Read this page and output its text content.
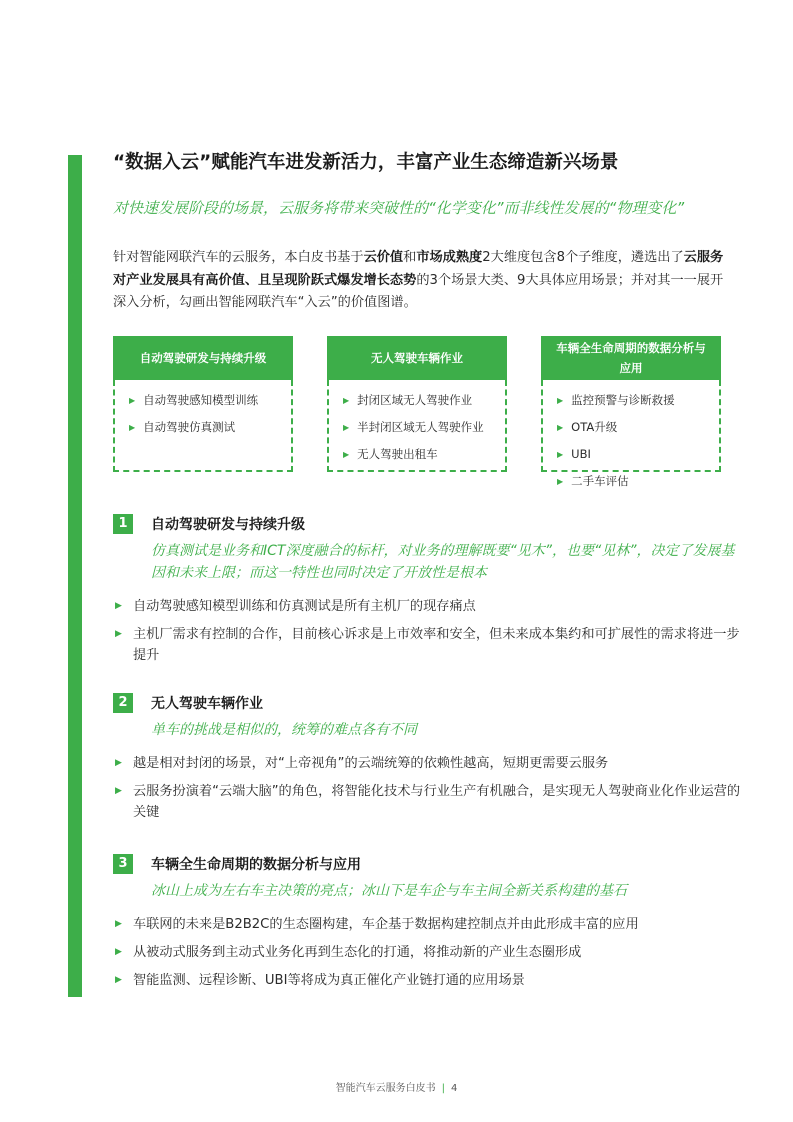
“数据入云”赋能汽车进发新活力，丰富产业生态缔造新兴场景
对快速发展阶段的场景，云服务将带来突破性的“化学变化”而非线性发展的“物理变化”
针对智能网联汽车的云服务，本白皮书基于云价值和市场成熟度2大维度包含8个子维度，遴选出了云服务对产业发展具有高价值、且呈现阶跃式爆发增长态势的3个场景大类、9大具体应用场景；并对其一一展开深入分析，勾画出智能网联汽车“入云”的价值图谱。
自动驾驶研发与持续升级
▶ 自动驾驶感知模型训练
▶ 自动驾驶仿真测试
无人驾驶车辆作业
▶ 封闭区域无人驾驶作业
▶ 半封闭区域无人驾驶作业
▶ 无人驾驶出租车
车辆全生命周期的数据分析与应用
▶ 监控预警与诊断救援
▶ OTA升级
▶ UBI
▶ 二手车评估
1	自动驾驶研发与持续升级
仿真测试是业务和ICT深度融合的标杆，对业务的理解既要“见木”，也要“见林”，决定了发展基因和未来上限；而这一特性也同时决定了开放性是根本
▶ 自动驾驶感知模型训练和仿真测试是所有主机厂的现存痛点
▶ 主机厂需求有控制的合作，目前核心诉求是上市效率和安全，但未来成本集约和可扩展性的需求将进一步提升
2	无人驾驶车辆作业
单车的挑战是相似的，统筹的难点各有不同
▶ 越是相对封闭的场景，对“上帝视角”的云端统筹的依赖性越高，短期更需要云服务
▶ 云服务扮演着“云端大脑”的角色，将智能化技术与行业生产有机融合，是实现无人驾驶商业化作业运营的关键
3	车辆全生命周期的数据分析与应用
冰山上成为左右车主决策的亮点；冰山下是车企与车主间全新关系构建的基石
▶ 车联网的未来是B2B2C的生态圈构建，车企基于数据构建控制点并由此形成丰富的应用
▶ 从被动式服务到主动式业务化再到生态化的打通，将推动新的产业生态圈形成
▶ 智能监测、远程诊断、UBI等将成为真正催化产业链打通的应用场景
智能汽车云服务白皮书 | 4
